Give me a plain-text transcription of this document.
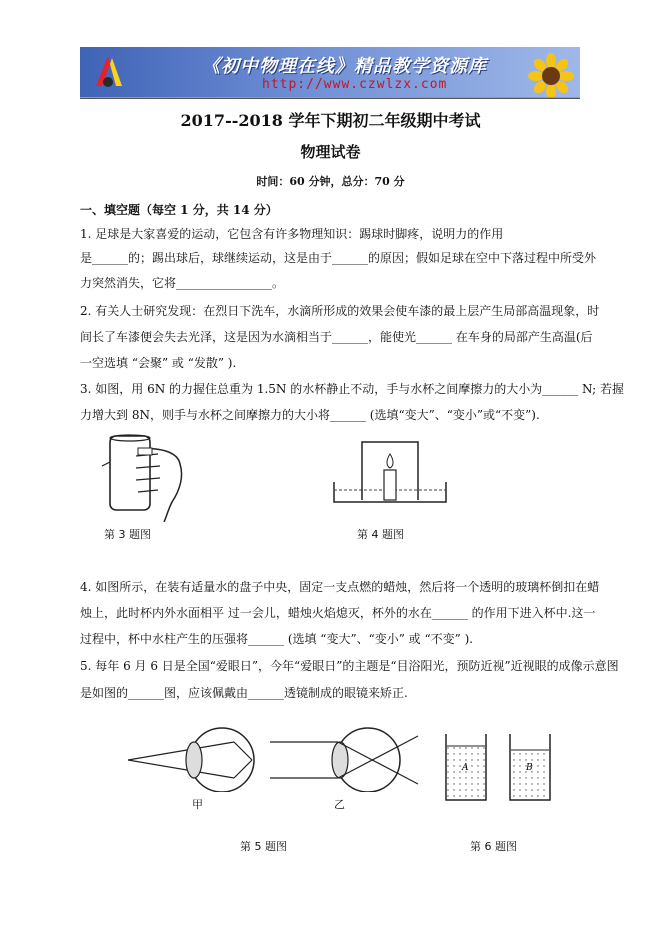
《初中物理在线》精品教学资源库
http://www.czwlzx.com
2017--2018 学年下期初二年级期中考试
物理试卷
时间：60 分钟，总分：70 分
一、填空题（每空 1 分，共 14 分）
1. 足球是大家喜爱的运动，它包含有许多物理知识：踢球时脚疼，说明力的作用
是______的；踢出球后，球继续运动，这是由于______的原因；假如足球在空中下落过程中所受外
力突然消失，它将________________。
2. 有关人士研究发现：在烈日下洗车，水滴所形成的效果会使车漆的最上层产生局部高温现象，时
间长了车漆便会失去光泽，这是因为水滴相当于______，能使光______ 在车身的局部产生高温(后
一空选填 “会聚” 或 “发散” ).
3. 如图，用 6N 的力握住总重为 1.5N 的水杯静止不动，手与水杯之间摩擦力的大小为______ N; 若握
力增大到 8N，则手与水杯之间摩擦力的大小将______ (选填“变大”、“变小”或“不变”).
第 3 题图	第 4 题图
4. 如图所示，在装有适量水的盘子中央，固定一支点燃的蜡烛，然后将一个透明的玻璃杯倒扣在蜡
烛上，此时杯内外水面相平 过一会儿，蜡烛火焰熄灭，杯外的水在______ 的作用下进入杯中.这一
过程中，杯中水柱产生的压强将______ (选填 “变大”、“变小” 或 “不变” ).
5. 每年 6 月 6 日是全国“爱眼日”，今年“爱眼日”的主题是“目浴阳光，预防近视”近视眼的成像示意图
是如图的______图，应该佩戴由______透镜制成的眼镜来矫正.
甲	乙
第 5 题图
A	B
第 6 题图
